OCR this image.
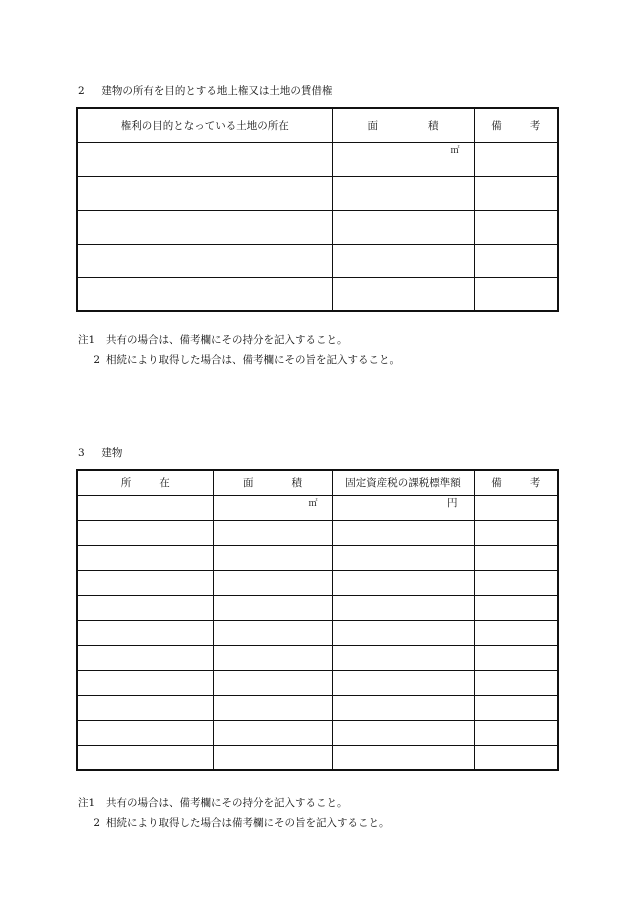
2 建物の所有を目的とする地上権又は土地の賃借権
権利の目的となっている土地の所在	面 積	備 考

	㎡	

注1	共有の場合は、備考欄にその持分を記入すること。
2 相続により取得した場合は、備考欄にその旨を記入すること。
3 建物
所 在	面 積	固定資産税の課税標準額	備 考

	㎡	円	

注1	共有の場合は、備考欄にその持分を記入すること。
2 相続により取得した場合は備考欄にその旨を記入すること。
